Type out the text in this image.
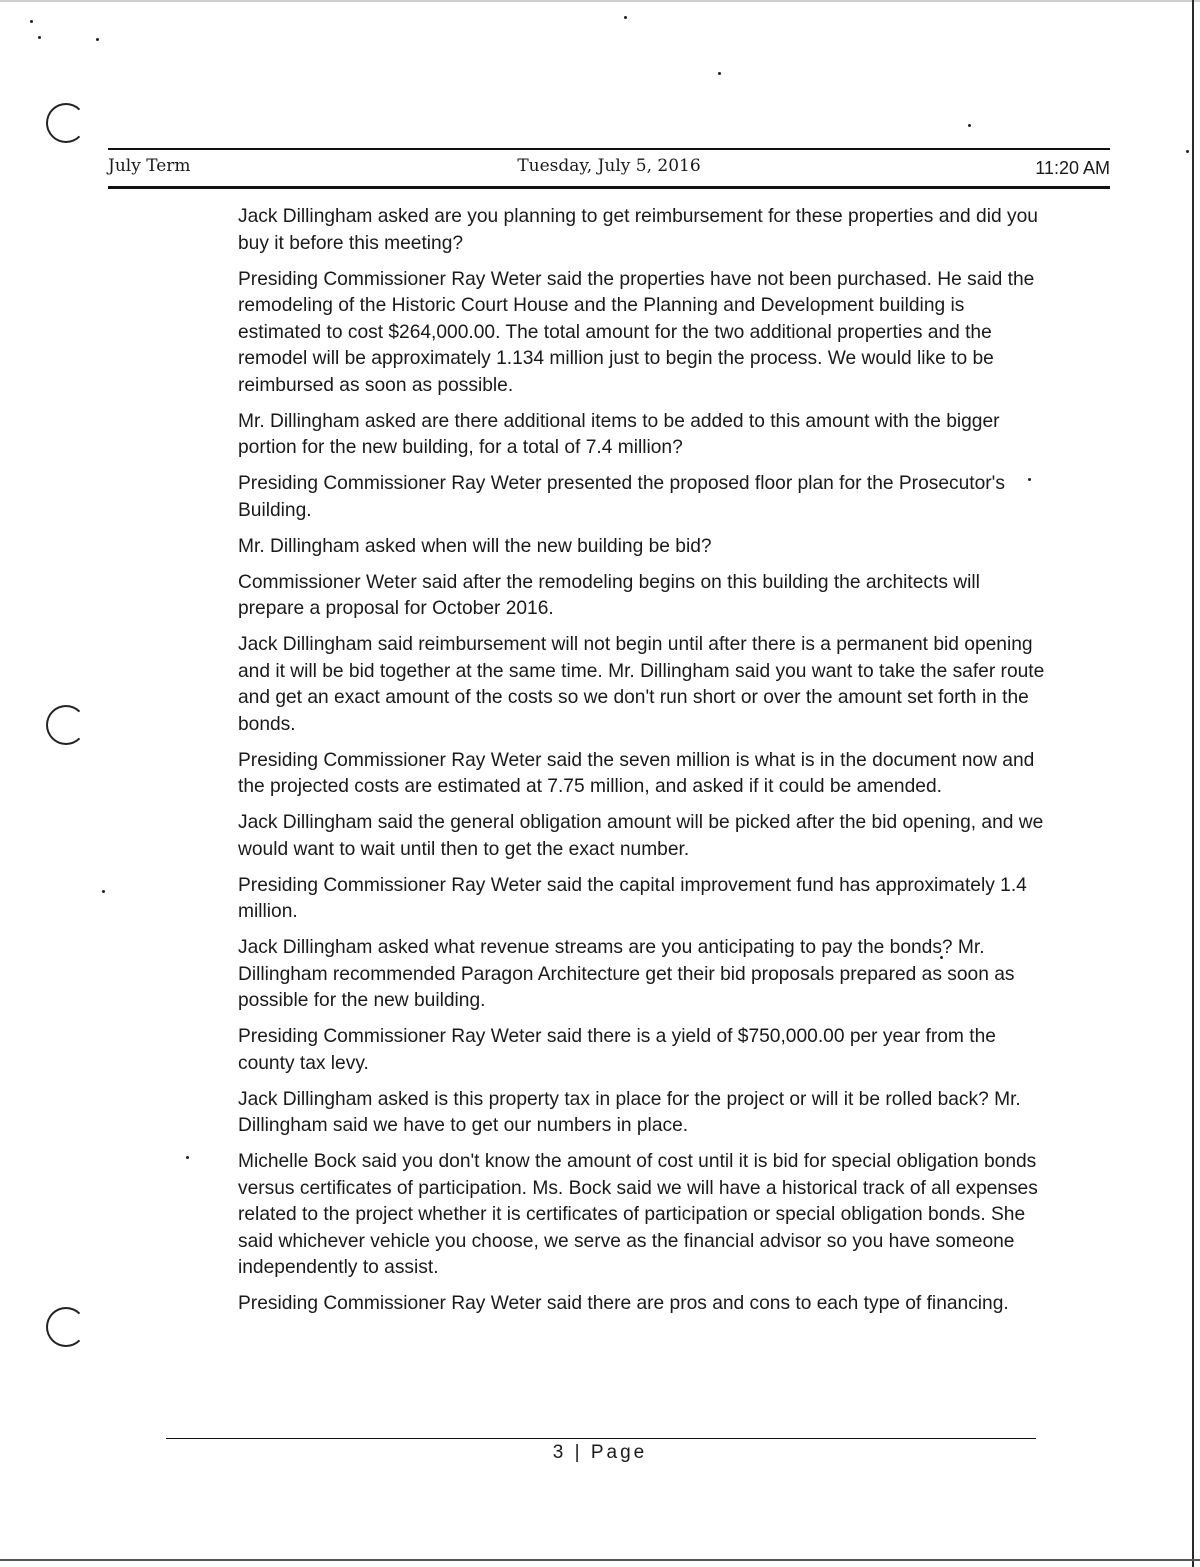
July Term	Tuesday, July 5, 2016	11:20 AM

Jack Dillingham asked are you planning to get reimbursement for these properties and did you buy it before this meeting?

Presiding Commissioner Ray Weter said the properties have not been purchased. He said the remodeling of the Historic Court House and the Planning and Development building is estimated to cost $264,000.00. The total amount for the two additional properties and the remodel will be approximately 1.134 million just to begin the process. We would like to be reimbursed as soon as possible.

Mr. Dillingham asked are there additional items to be added to this amount with the bigger portion for the new building, for a total of 7.4 million?

Presiding Commissioner Ray Weter presented the proposed floor plan for the Prosecutor's Building.

Mr. Dillingham asked when will the new building be bid?

Commissioner Weter said after the remodeling begins on this building the architects will prepare a proposal for October 2016.

Jack Dillingham said reimbursement will not begin until after there is a permanent bid opening and it will be bid together at the same time. Mr. Dillingham said you want to take the safer route and get an exact amount of the costs so we don't run short or over the amount set forth in the bonds.

Presiding Commissioner Ray Weter said the seven million is what is in the document now and the projected costs are estimated at 7.75 million, and asked if it could be amended.

Jack Dillingham said the general obligation amount will be picked after the bid opening, and we would want to wait until then to get the exact number.

Presiding Commissioner Ray Weter said the capital improvement fund has approximately 1.4 million.

Jack Dillingham asked what revenue streams are you anticipating to pay the bonds? Mr. Dillingham recommended Paragon Architecture get their bid proposals prepared as soon as possible for the new building.

Presiding Commissioner Ray Weter said there is a yield of $750,000.00 per year from the county tax levy.

Jack Dillingham asked is this property tax in place for the project or will it be rolled back? Mr. Dillingham said we have to get our numbers in place.

Michelle Bock said you don't know the amount of cost until it is bid for special obligation bonds versus certificates of participation. Ms. Bock said we will have a historical track of all expenses related to the project whether it is certificates of participation or special obligation bonds. She said whichever vehicle you choose, we serve as the financial advisor so you have someone independently to assist.

Presiding Commissioner Ray Weter said there are pros and cons to each type of financing.

3 | Page
